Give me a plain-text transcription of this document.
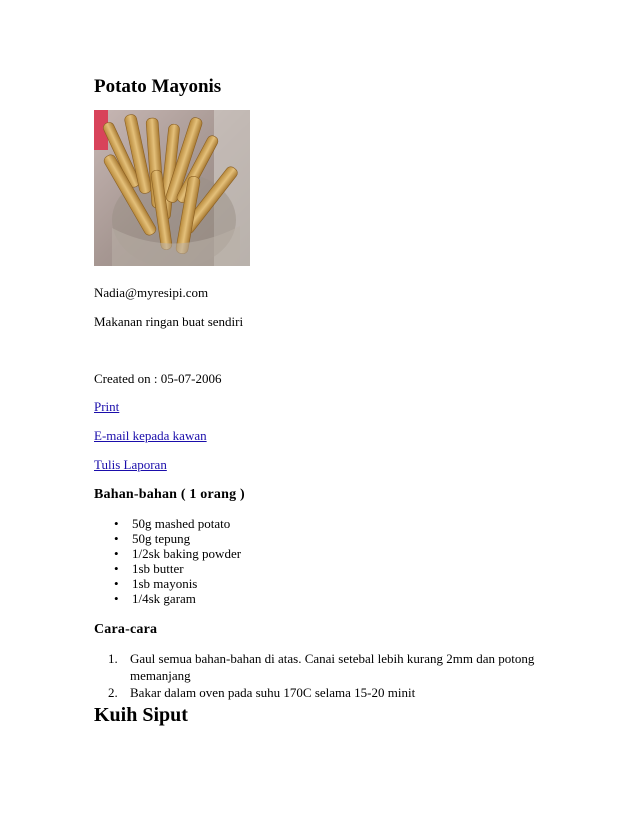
Potato Mayonis
Nadia@myresipi.com
Makanan ringan buat sendiri
Created on : 05-07-2006
Print
E-mail kepada kawan
Tulis Laporan
Bahan-bahan ( 1 orang )
• 50g mashed potato
• 50g tepung
• 1/2sk baking powder
• 1sb butter
• 1sb mayonis
• 1/4sk garam
Cara-cara
1. Gaul semua bahan-bahan di atas. Canai setebal lebih kurang 2mm dan potong memanjang
2. Bakar dalam oven pada suhu 170C selama 15-20 minit
Kuih Siput
